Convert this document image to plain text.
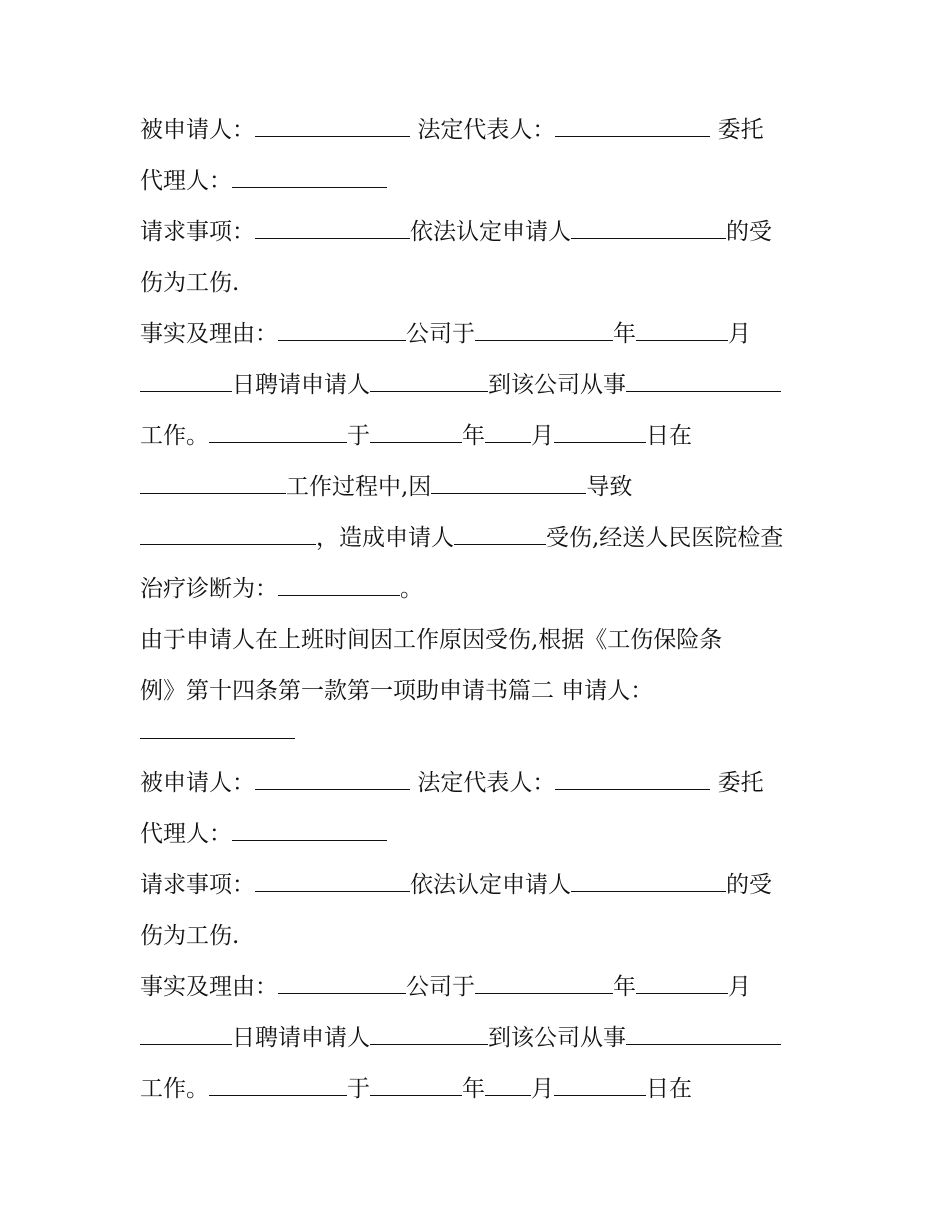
被申请人：	法定代表人：	委托
代理人：
请求事项：	依法认定申请人	的受
伤为工伤.
事实及理由：	公司于	年	月
日聘请申请人	到该公司从事
工作。	于	年 月	日在
工作过程中,因	导致
，造成申请人	受伤,经送人民医院检查
治疗诊断为：	。
由于申请人在上班时间因工作原因受伤,根据《工伤保险条
例》第十四条第一款第一项助申请书篇二 申请人：
被申请人：	法定代表人：	委托
代理人：
请求事项：	依法认定申请人	的受
伤为工伤.
事实及理由：	公司于	年	月
日聘请申请人	到该公司从事
工作。	于	年 月	日在
